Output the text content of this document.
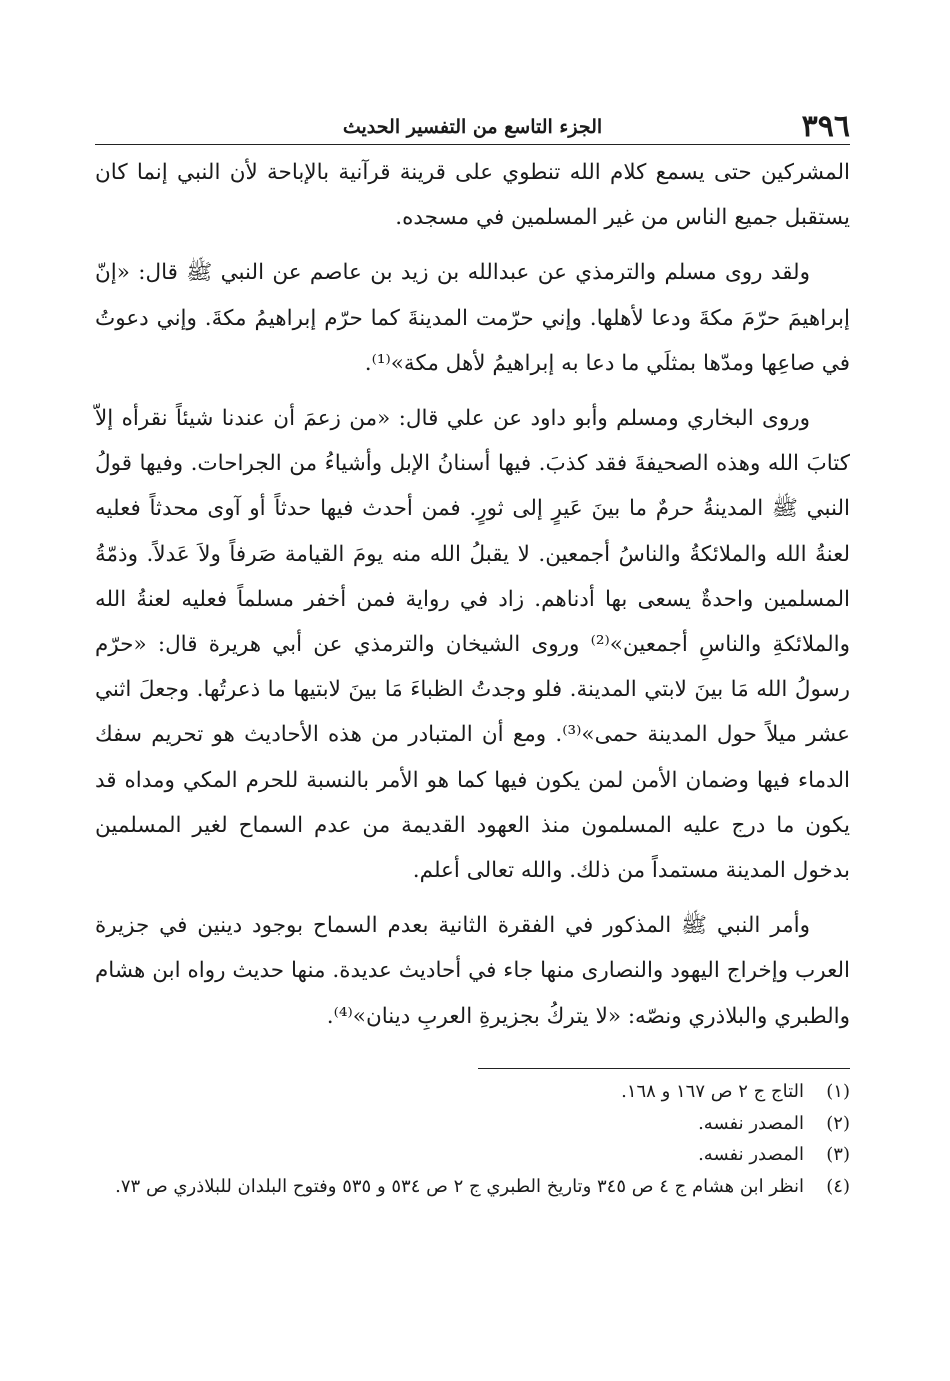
٣٩٦
الجزء التاسع من التفسير الحديث

المشركين حتى يسمع كلام الله تنطوي على قرينة قرآنية بالإباحة لأن النبي إنما كان يستقبل جميع الناس من غير المسلمين في مسجده.

ولقد روى مسلم والترمذي عن عبدالله بن زيد بن عاصم عن النبي ﷺ قال: «إنّ إبراهيمَ حرّمَ مكةَ ودعا لأهلها. وإني حرّمت المدينةَ كما حرّم إبراهيمُ مكةَ. وإني دعوتُ في صاعِها ومدّها بمثلَي ما دعا به إبراهيمُ لأهل مكة»⁽¹⁾.

وروى البخاري ومسلم وأبو داود عن علي قال: «من زعمَ أن عندنا شيئاً نقرأه إلاّ كتابَ الله وهذه الصحيفةَ فقد كذبَ. فيها أسنانُ الإبل وأشياءُ من الجراحات. وفيها قولُ النبي ﷺ المدينةُ حرمٌ ما بينَ عَيرٍ إلى ثورٍ. فمن أحدث فيها حدثاً أو آوى محدثاً فعليه لعنةُ الله والملائكةُ والناسُ أجمعين. لا يقبلُ الله منه يومَ القيامة صَرفاً ولاَ عَدلاً. وذمّةُ المسلمين واحدةٌ يسعى بها أدناهم. زاد في رواية فمن أخفر مسلماً فعليه لعنةُ الله والملائكةِ والناسِ أجمعين»⁽²⁾ وروى الشيخان والترمذي عن أبي هريرة قال: «حرّم رسولُ الله مَا بينَ لابتي المدينة. فلو وجدتُ الظباءَ مَا بينَ لابتيها ما ذعرتُها. وجعلَ اثني عشر ميلاً حول المدينة حمى»⁽³⁾. ومع أن المتبادر من هذه الأحاديث هو تحريم سفك الدماء فيها وضمان الأمن لمن يكون فيها كما هو الأمر بالنسبة للحرم المكي ومداه قد يكون ما درج عليه المسلمون منذ العهود القديمة من عدم السماح لغير المسلمين بدخول المدينة مستمداً من ذلك. والله تعالى أعلم.

وأمر النبي ﷺ المذكور في الفقرة الثانية بعدم السماح بوجود دينين في جزيرة العرب وإخراج اليهود والنصارى منها جاء في أحاديث عديدة. منها حديث رواه ابن هشام والطبري والبلاذري ونصّه: «لا يتركُ بجزيرةِ العربِ دينان»⁽⁴⁾.

(١)
التاج ج ٢ ص ١٦٧ و ١٦٨.
(٢)
المصدر نفسه.
(٣)
المصدر نفسه.
(٤)
انظر ابن هشام ج ٤ ص ٣٤٥ وتاريخ الطبري ج ٢ ص ٥٣٤ و ٥٣٥ وفتوح البلدان للبلاذري ص ٧٣.
